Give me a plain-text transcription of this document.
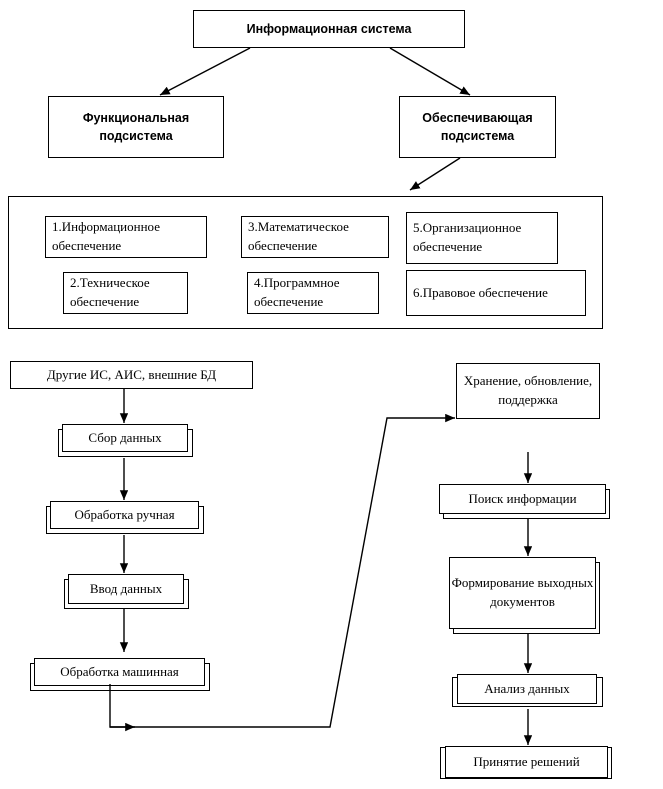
Информационная система
Функциональная подсистема
Обеспечивающая подсистема
1.Информационное обеспечение
2.Техническое обеспечение
3.Математическое обеспечение
4.Программное обеспечение
5.Организационное обеспечение
6.Правовое обеспечение
Другие ИС, АИС, внешние БД
Сбор данных
Обработка ручная
Ввод данных
Обработка машинная
Хранение, обновление, поддержка
Поиск информации
Формирование выходных документов
Анализ данных
Принятие решений
